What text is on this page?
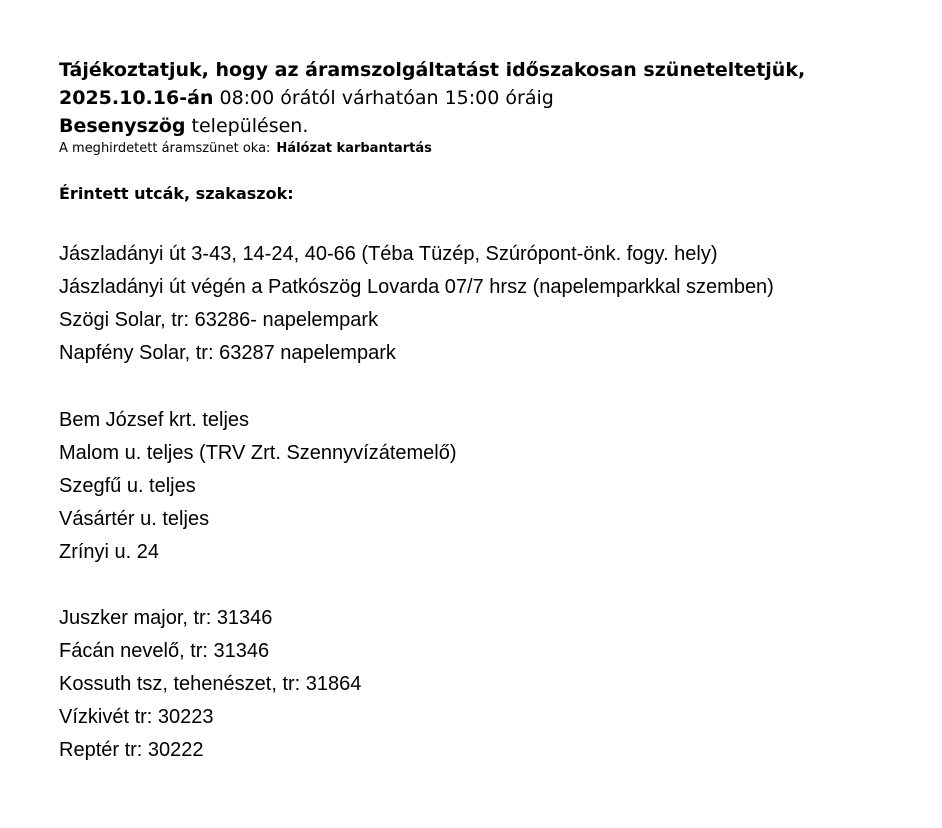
Tájékoztatjuk, hogy az áramszolgáltatást időszakosan szüneteltetjük,
2025.10.16-án 08:00 órától várhatóan 15:00 óráig
Besenyszög településen.
A meghirdetett áramszünet oka: Hálózat karbantartás
Érintett utcák, szakaszok:
Jászladányi út 3-43, 14-24, 40-66 (Téba Tüzép, Szúrópont-önk. fogy. hely)
Jászladányi út végén a Patkószög Lovarda 07/7 hrsz (napelemparkkal szemben)
Szögi Solar, tr: 63286- napelempark
Napfény Solar, tr: 63287 napelempark
Bem József krt. teljes
Malom u. teljes (TRV Zrt. Szennyvízátemelő)
Szegfű u. teljes
Vásártér u. teljes
Zrínyi u. 24
Juszker major, tr: 31346
Fácán nevelő, tr: 31346
Kossuth tsz, tehenészet, tr: 31864
Vízkivét tr: 30223
Reptér tr: 30222
